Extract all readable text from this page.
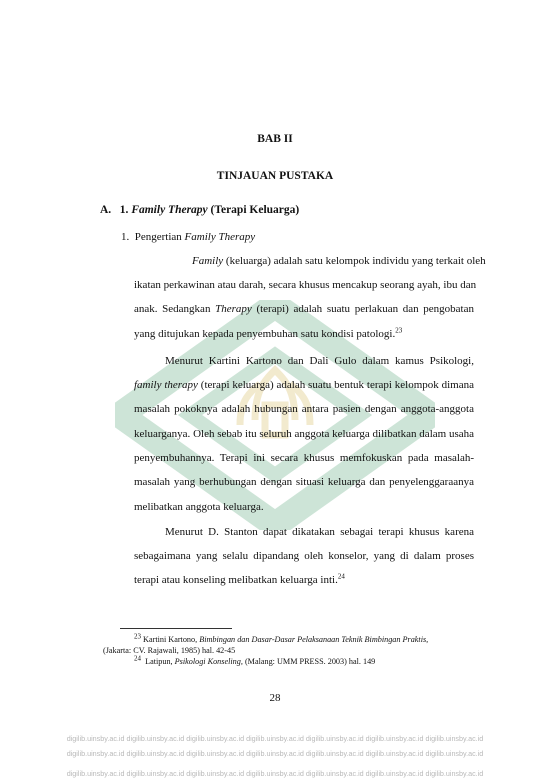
BAB II
TINJAUAN PUSTAKA
A.   1. Family Therapy (Terapi Keluarga)
1.  Pengertian Family Therapy
Family (keluarga) adalah satu kelompok individu yang terkait oleh
ikatan perkawinan atau darah, secara khusus mencakup seorang ayah, ibu dan
anak. Sedangkan Therapy (terapi) adalah suatu perlakuan dan pengobatan
yang ditujukan kepada penyembuhan satu kondisi patologi.$^{23}$
Menurut Kartini Kartono dan Dali Gulo dalam kamus Psikologi,
family therapy (terapi keluarga) adalah suatu bentuk terapi kelompok dimana
masalah pokoknya adalah hubungan antara pasien dengan anggota-anggota
keluarganya. Oleh sebab itu seluruh anggota keluarga dilibatkan dalam usaha
penyembuhannya. Terapi ini secara khusus memfokuskan pada masalah-
masalah yang berhubungan dengan situasi keluarga dan penyelenggaraanya
melibatkan anggota keluarga.
Menurut D. Stanton dapat dikatakan sebagai terapi khusus karena
sebagaimana yang selalu dipandang oleh konselor, yang di dalam proses
terapi atau konseling melibatkan keluarga inti.$^{24}$
$^{23}$ Kartini Kartono, Bimbingan dan Dasar-Dasar Pelaksanaan Teknik Bimbingan Praktis,
(Jakarta: CV. Rajawali, 1985) hal. 42-45
$^{24}$  Latipun, Psikologi Konseling, (Malang: UMM PRESS. 2003) hal. 149
28
digilib.uinsby.ac.id digilib.uinsby.ac.id digilib.uinsby.ac.id digilib.uinsby.ac.id digilib.uinsby.ac.id digilib.uinsby.ac.id digilib.uinsby.ac.id
digilib.uinsby.ac.id digilib.uinsby.ac.id digilib.uinsby.ac.id digilib.uinsby.ac.id digilib.uinsby.ac.id digilib.uinsby.ac.id digilib.uinsby.ac.id
digilib.uinsby.ac.id digilib.uinsby.ac.id digilib.uinsby.ac.id digilib.uinsby.ac.id digilib.uinsby.ac.id digilib.uinsby.ac.id digilib.uinsby.ac.id
